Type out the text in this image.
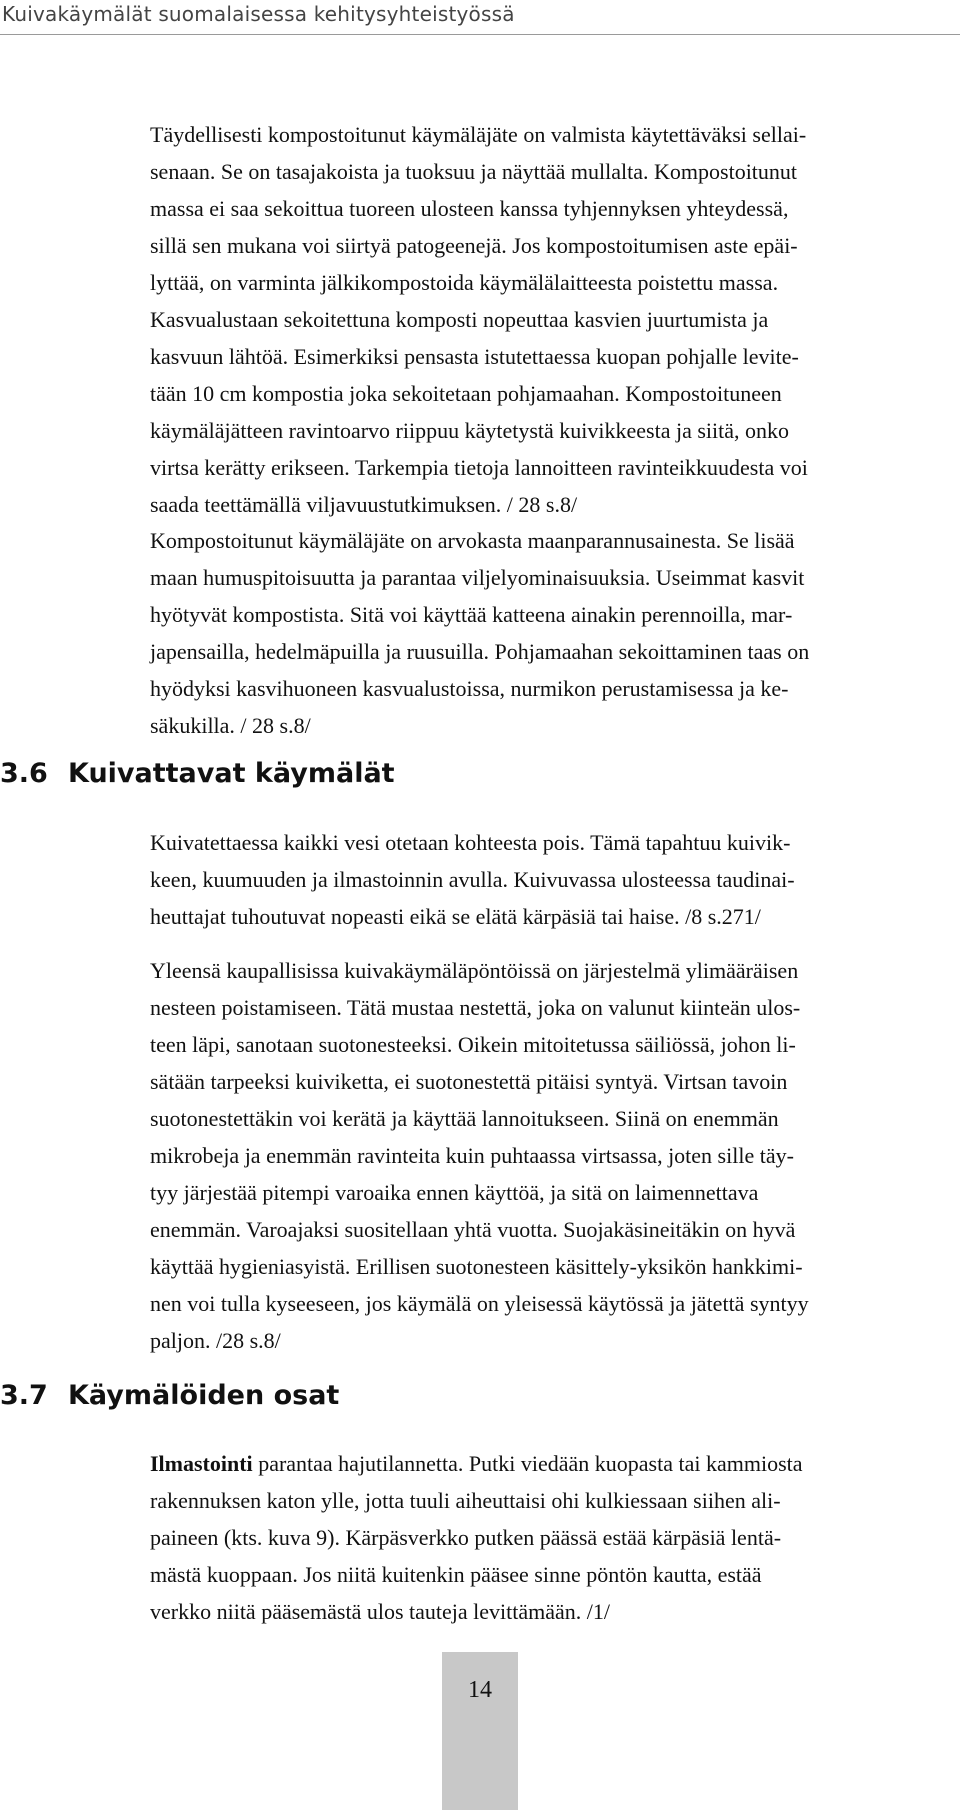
Kuivakäymälät suomalaisessa kehitysyhteistyössä

Täydellisesti kompostoitunut käymäläjäte on valmista käytettäväksi sellai-
senaan. Se on tasajakoista ja tuoksuu ja näyttää mullalta. Kompostoitunut
massa ei saa sekoittua tuoreen ulosteen kanssa tyhjennyksen yhteydessä,
sillä sen mukana voi siirtyä patogeenejä. Jos kompostoitumisen aste epäi-
lyttää, on varminta jälkikompostoida käymälälaitteesta poistettu massa.
Kasvualustaan sekoitettuna komposti nopeuttaa kasvien juurtumista ja
kasvuun lähtöä. Esimerkiksi pensasta istutettaessa kuopan pohjalle levite-
tään 10 cm kompostia joka sekoitetaan pohjamaahan. Kompostoituneen
käymäläjätteen ravintoarvo riippuu käytetystä kuivikkeesta ja siitä, onko
virtsa kerätty erikseen. Tarkempia tietoja lannoitteen ravinteikkuudesta voi
saada teettämällä viljavuustutkimuksen. / 28 s.8/

Kompostoitunut käymäläjäte on arvokasta maanparannusainesta. Se lisää
maan humuspitoisuutta ja parantaa viljelyominaisuuksia. Useimmat kasvit
hyötyvät kompostista. Sitä voi käyttää katteena ainakin perennoilla, mar-
japensailla, hedelmäpuilla ja ruusuilla. Pohjamaahan sekoittaminen taas on
hyödyksi kasvihuoneen kasvualustoissa, nurmikon perustamisessa ja ke-
säkukilla. / 28 s.8/

3.6 Kuivattavat käymälät

Kuivatettaessa kaikki vesi otetaan kohteesta pois. Tämä tapahtuu kuivik-
keen, kuumuuden ja ilmastoinnin avulla. Kuivuvassa ulosteessa taudinai-
heuttajat tuhoutuvat nopeasti eikä se elätä kärpäsiä tai haise. /8 s.271/

Yleensä kaupallisissa kuivakäymäläpöntöissä on järjestelmä ylimääräisen
nesteen poistamiseen. Tätä mustaa nestettä, joka on valunut kiinteän ulos-
teen läpi, sanotaan suotonesteeksi. Oikein mitoitetussa säiliössä, johon li-
sätään tarpeeksi kuiviketta, ei suotonestettä pitäisi syntyä. Virtsan tavoin
suotonestettäkin voi kerätä ja käyttää lannoitukseen. Siinä on enemmän
mikrobeja ja enemmän ravinteita kuin puhtaassa virtsassa, joten sille täy-
tyy järjestää pitempi varoaika ennen käyttöä, ja sitä on laimennettava
enemmän. Varoajaksi suositellaan yhtä vuotta. Suojakäsineitäkin on hyvä
käyttää hygieniasyistä. Erillisen suotonesteen käsittely-yksikön hankkimi-
nen voi tulla kyseeseen, jos käymälä on yleisessä käytössä ja jätettä syntyy
paljon. /28 s.8/

3.7 Käymälöiden osat

Ilmastointi parantaa hajutilannetta. Putki viedään kuopasta tai kammiosta
rakennuksen katon ylle, jotta tuuli aiheuttaisi ohi kulkiessaan siihen ali-
paineen (kts. kuva 9). Kärpäsverkko putken päässä estää kärpäsiä lentä-
mästä kuoppaan. Jos niitä kuitenkin pääsee sinne pöntön kautta, estää
verkko niitä pääsemästä ulos tauteja levittämään. /1/

14
